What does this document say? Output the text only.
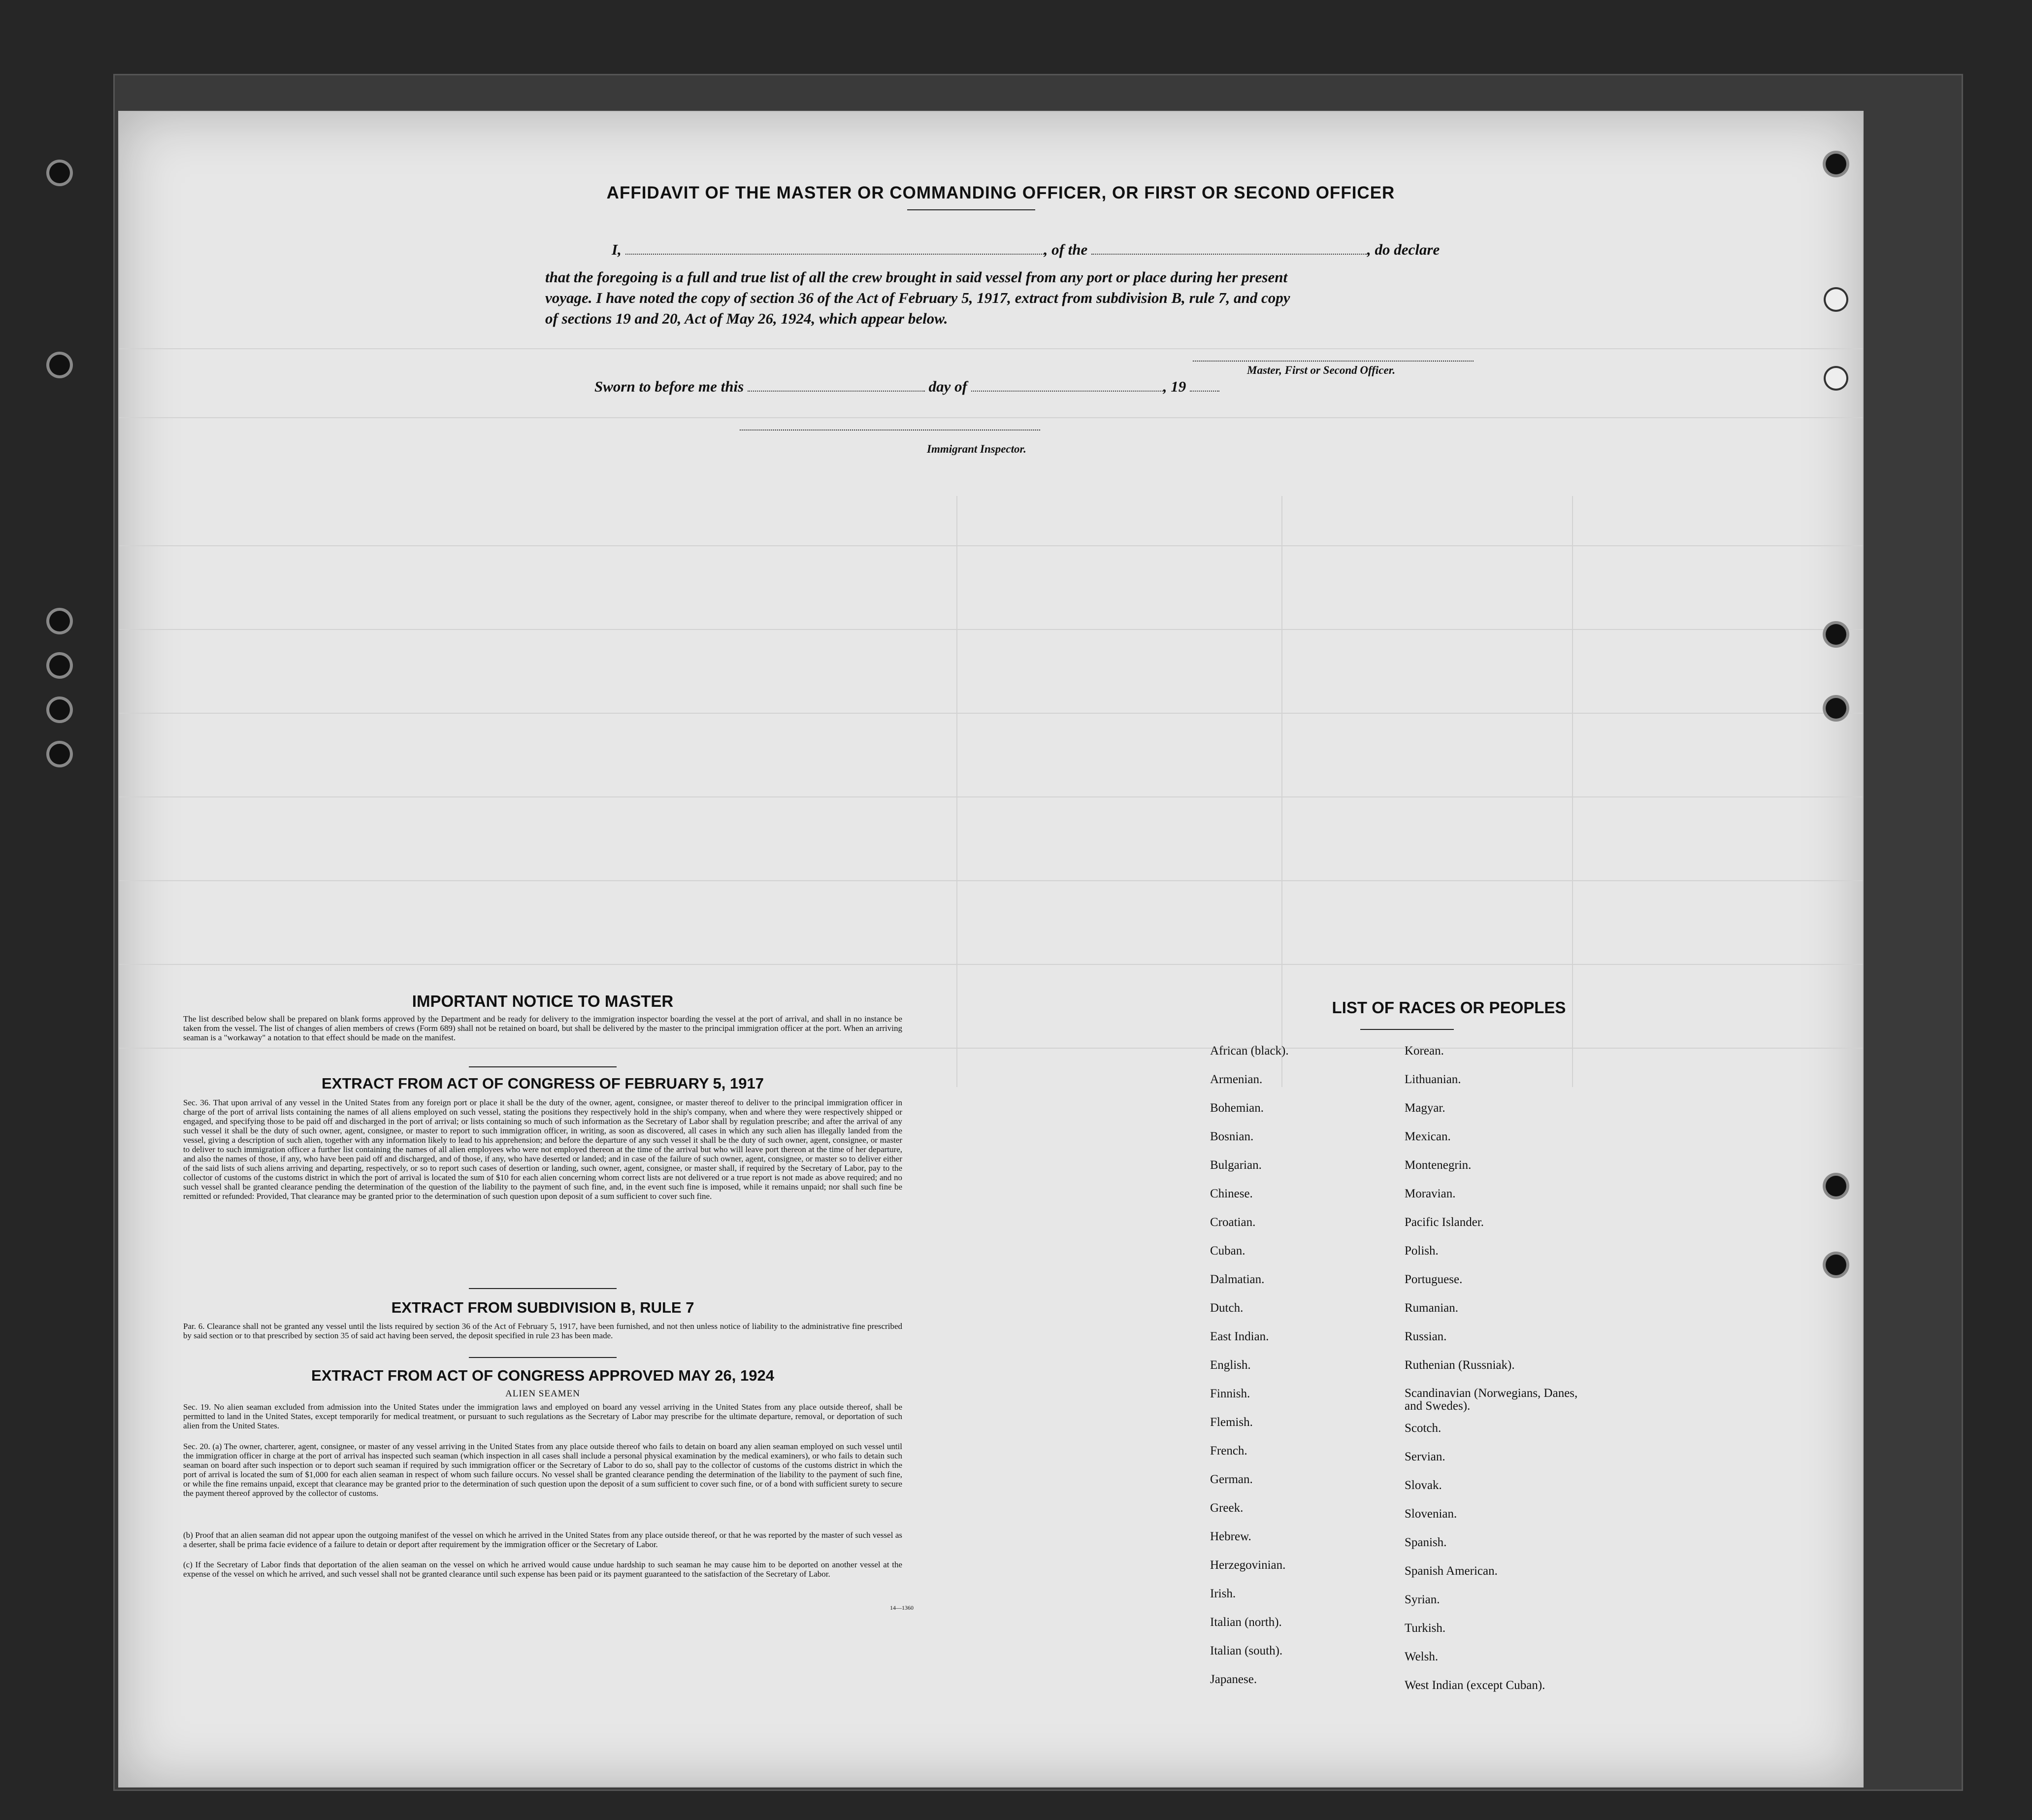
AFFIDAVIT OF THE MASTER OR COMMANDING OFFICER, OR FIRST OR SECOND OFFICER
I,	, of the	, do declare
that the foregoing is a full and true list of all the crew brought in said vessel from any port or place during her present
voyage. I have noted the copy of section 36 of the Act of February 5, 1917, extract from subdivision B, rule 7, and copy
of sections 19 and 20, Act of May 26, 1924, which appear below.
Master, First or Second Officer.
Sworn to before me this	day of	, 19
Immigrant Inspector.
IMPORTANT NOTICE TO MASTER
The list described below shall be prepared on blank forms approved by the Department and be ready for delivery to the immigration inspector boarding the vessel at the port of arrival, and shall in no instance be taken from the vessel. The list of changes of alien members of crews (Form 689) shall not be retained on board, but shall be delivered by the master to the principal immigration officer at the port. When an arriving seaman is a "workaway" a notation to that effect should be made on the manifest.
EXTRACT FROM ACT OF CONGRESS OF FEBRUARY 5, 1917
Sec. 36. That upon arrival of any vessel in the United States from any foreign port or place it shall be the duty of the owner, agent, consignee, or master thereof to deliver to the principal immigration officer in charge of the port of arrival lists containing the names of all aliens employed on such vessel, stating the positions they respectively hold in the ship's company, when and where they were respectively shipped or engaged, and specifying those to be paid off and discharged in the port of arrival; or lists containing so much of such information as the Secretary of Labor shall by regulation prescribe; and after the arrival of any such vessel it shall be the duty of such owner, agent, consignee, or master to report to such immigration officer, in writing, as soon as discovered, all cases in which any such alien has illegally landed from the vessel, giving a description of such alien, together with any information likely to lead to his apprehension; and before the departure of any such vessel it shall be the duty of such owner, agent, consignee, or master to deliver to such immigration officer a further list containing the names of all alien employees who were not employed thereon at the time of the arrival but who will leave port thereon at the time of her departure, and also the names of those, if any, who have been paid off and discharged, and of those, if any, who have deserted or landed; and in case of the failure of such owner, agent, consignee, or master so to deliver either of the said lists of such aliens arriving and departing, respectively, or so to report such cases of desertion or landing, such owner, agent, consignee, or master shall, if required by the Secretary of Labor, pay to the collector of customs of the customs district in which the port of arrival is located the sum of $10 for each alien concerning whom correct lists are not delivered or a true report is not made as above required; and no such vessel shall be granted clearance pending the determination of the question of the liability to the payment of such fine, and, in the event such fine is imposed, while it remains unpaid; nor shall such fine be remitted or refunded: Provided, That clearance may be granted prior to the determination of such question upon deposit of a sum sufficient to cover such fine.
EXTRACT FROM SUBDIVISION B, RULE 7
Par. 6. Clearance shall not be granted any vessel until the lists required by section 36 of the Act of February 5, 1917, have been furnished, and not then unless notice of liability to the administrative fine prescribed by said section or to that prescribed by section 35 of said act having been served, the deposit specified in rule 23 has been made.
EXTRACT FROM ACT OF CONGRESS APPROVED MAY 26, 1924
ALIEN SEAMEN
Sec. 19. No alien seaman excluded from admission into the United States under the immigration laws and employed on board any vessel arriving in the United States from any place outside thereof, shall be permitted to land in the United States, except temporarily for medical treatment, or pursuant to such regulations as the Secretary of Labor may prescribe for the ultimate departure, removal, or deportation of such alien from the United States.
Sec. 20. (a) The owner, charterer, agent, consignee, or master of any vessel arriving in the United States from any place outside thereof who fails to detain on board any alien seaman employed on such vessel until the immigration officer in charge at the port of arrival has inspected such seaman (which inspection in all cases shall include a personal physical examination by the medical examiners), or who fails to detain such seaman on board after such inspection or to deport such seaman if required by such immigration officer or the Secretary of Labor to do so, shall pay to the collector of customs of the customs district in which the port of arrival is located the sum of $1,000 for each alien seaman in respect of whom such failure occurs. No vessel shall be granted clearance pending the determination of the liability to the payment of such fine, or while the fine remains unpaid, except that clearance may be granted prior to the determination of such question upon the deposit of a sum sufficient to cover such fine, or of a bond with sufficient surety to secure the payment thereof approved by the collector of customs.
(b) Proof that an alien seaman did not appear upon the outgoing manifest of the vessel on which he arrived in the United States from any place outside thereof, or that he was reported by the master of such vessel as a deserter, shall be prima facie evidence of a failure to detain or deport after requirement by the immigration officer or the Secretary of Labor.
(c) If the Secretary of Labor finds that deportation of the alien seaman on the vessel on which he arrived would cause undue hardship to such seaman he may cause him to be deported on another vessel at the expense of the vessel on which he arrived, and such vessel shall not be granted clearance until such expense has been paid or its payment guaranteed to the satisfaction of the Secretary of Labor.
14—1360
LIST OF RACES OR PEOPLES
African (black).
Armenian.
Bohemian.
Bosnian.
Bulgarian.
Chinese.
Croatian.
Cuban.
Dalmatian.
Dutch.
East Indian.
English.
Finnish.
Flemish.
French.
German.
Greek.
Hebrew.
Herzegovinian.
Irish.
Italian (north).
Italian (south).
Japanese.
Korean.
Lithuanian.
Magyar.
Mexican.
Montenegrin.
Moravian.
Pacific Islander.
Polish.
Portuguese.
Rumanian.
Russian.
Ruthenian (Russniak).
Scandinavian (Norwegians, Danes, and Swedes).
Scotch.
Servian.
Slovak.
Slovenian.
Spanish.
Spanish American.
Syrian.
Turkish.
Welsh.
West Indian (except Cuban).
